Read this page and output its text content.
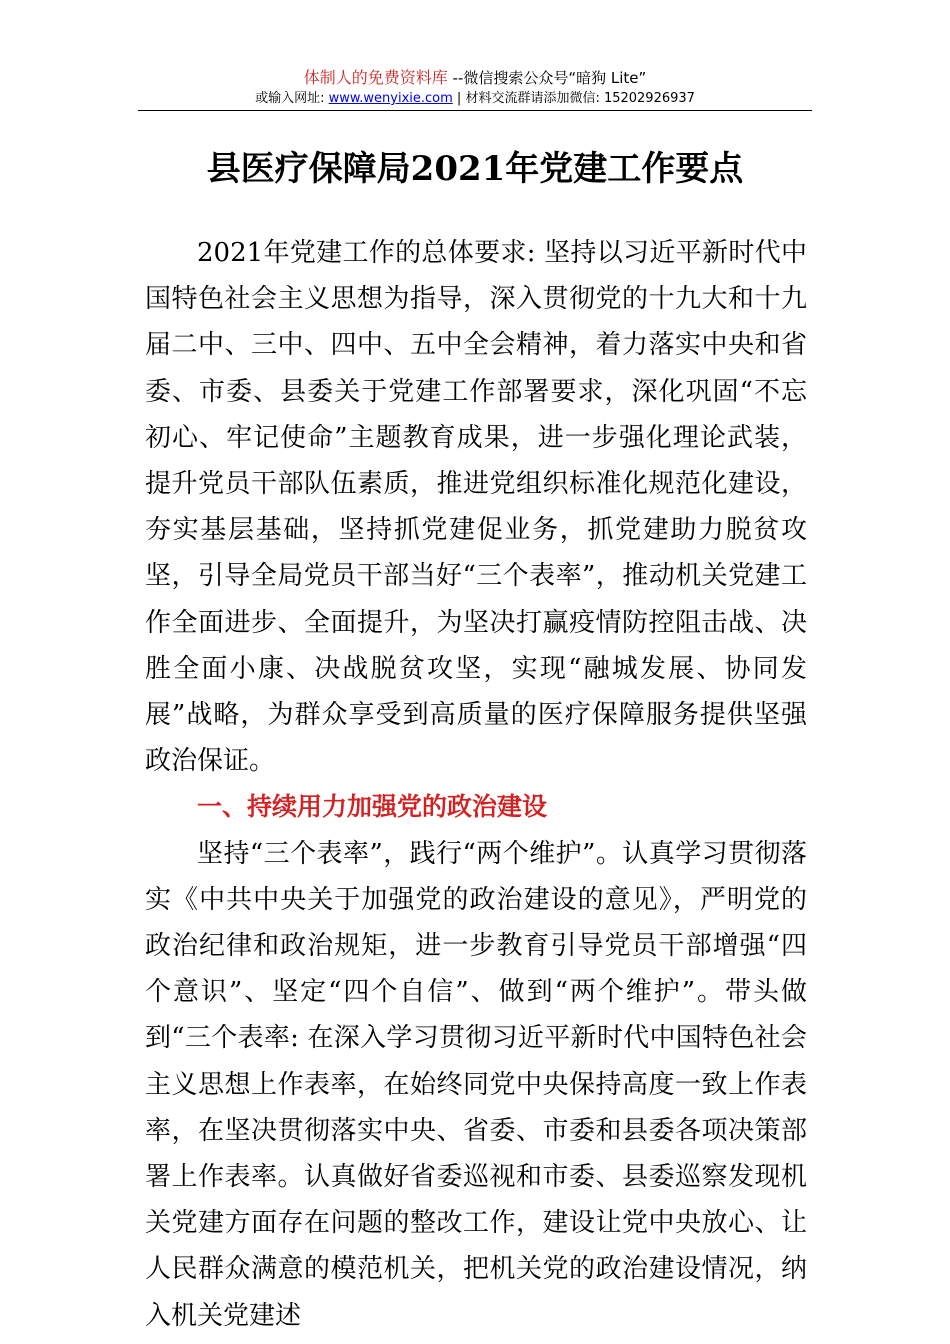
体制人的免费资料库 --微信搜索公众号“暗狗 Lite”
或输入网址: www.wenyixie.com | 材料交流群请添加微信: 15202926937
县医疗保障局2021年党建工作要点

2021年党建工作的总体要求: 坚持以习近平新时代中国特色社会主义思想为指导，深入贯彻党的十九大和十九届二中、三中、四中、五中全会精神，着力落实中央和省委、市委、县委关于党建工作部署要求，深化巩固“不忘初心、牢记使命”主题教育成果，进一步强化理论武装，提升党员干部队伍素质，推进党组织标准化规范化建设，夯实基层基础，坚持抓党建促业务，抓党建助力脱贫攻坚，引导全局党员干部当好“三个表率”，推动机关党建工作全面进步、全面提升，为坚决打赢疫情防控阻击战、决胜全面小康、决战脱贫攻坚，实现“融城发展、协同发展”战略，为群众享受到高质量的医疗保障服务提供坚强政治保证。

一、持续用力加强党的政治建设

坚持“三个表率”，践行“两个维护”。认真学习贯彻落实《中共中央关于加强党的政治建设的意见》，严明党的政治纪律和政治规矩，进一步教育引导党员干部增强“四个意识”、坚定“四个自信”、做到“两个维护”。带头做到“三个表率: 在深入学习贯彻习近平新时代中国特色社会主义思想上作表率，在始终同党中央保持高度一致上作表率，在坚决贯彻落实中央、省委、市委和县委各项决策部署上作表率。认真做好省委巡视和市委、县委巡察发现机关党建方面存在问题的整改工作，建设让党中央放心、让人民群众满意的模范机关，把机关党的政治建设情况，纳入机关党建述
